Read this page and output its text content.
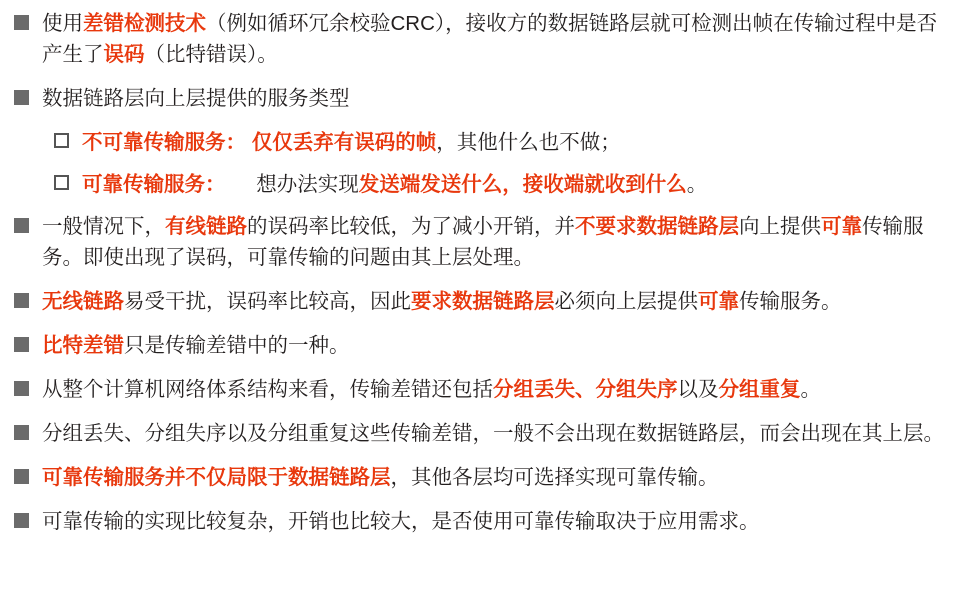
使用差错检测技术（例如循环冗余校验CRC），接收方的数据链路层就可检测出帧在传输过程中是否产生了误码（比特错误）。
数据链路层向上层提供的服务类型
不可靠传输服务： 仅仅丢弃有误码的帧，其他什么也不做；
可靠传输服务：　　想办法实现发送端发送什么，接收端就收到什么。
一般情况下，有线链路的误码率比较低，为了减小开销，并不要求数据链路层向上提供可靠传输服务。即使出现了误码，可靠传输的问题由其上层处理。
无线链路易受干扰，误码率比较高，因此要求数据链路层必须向上层提供可靠传输服务。
比特差错只是传输差错中的一种。
从整个计算机网络体系结构来看，传输差错还包括分组丢失、分组失序以及分组重复。
分组丢失、分组失序以及分组重复这些传输差错，一般不会出现在数据链路层，而会出现在其上层。
可靠传输服务并不仅局限于数据链路层，其他各层均可选择实现可靠传输。
可靠传输的实现比较复杂，开销也比较大，是否使用可靠传输取决于应用需求。
